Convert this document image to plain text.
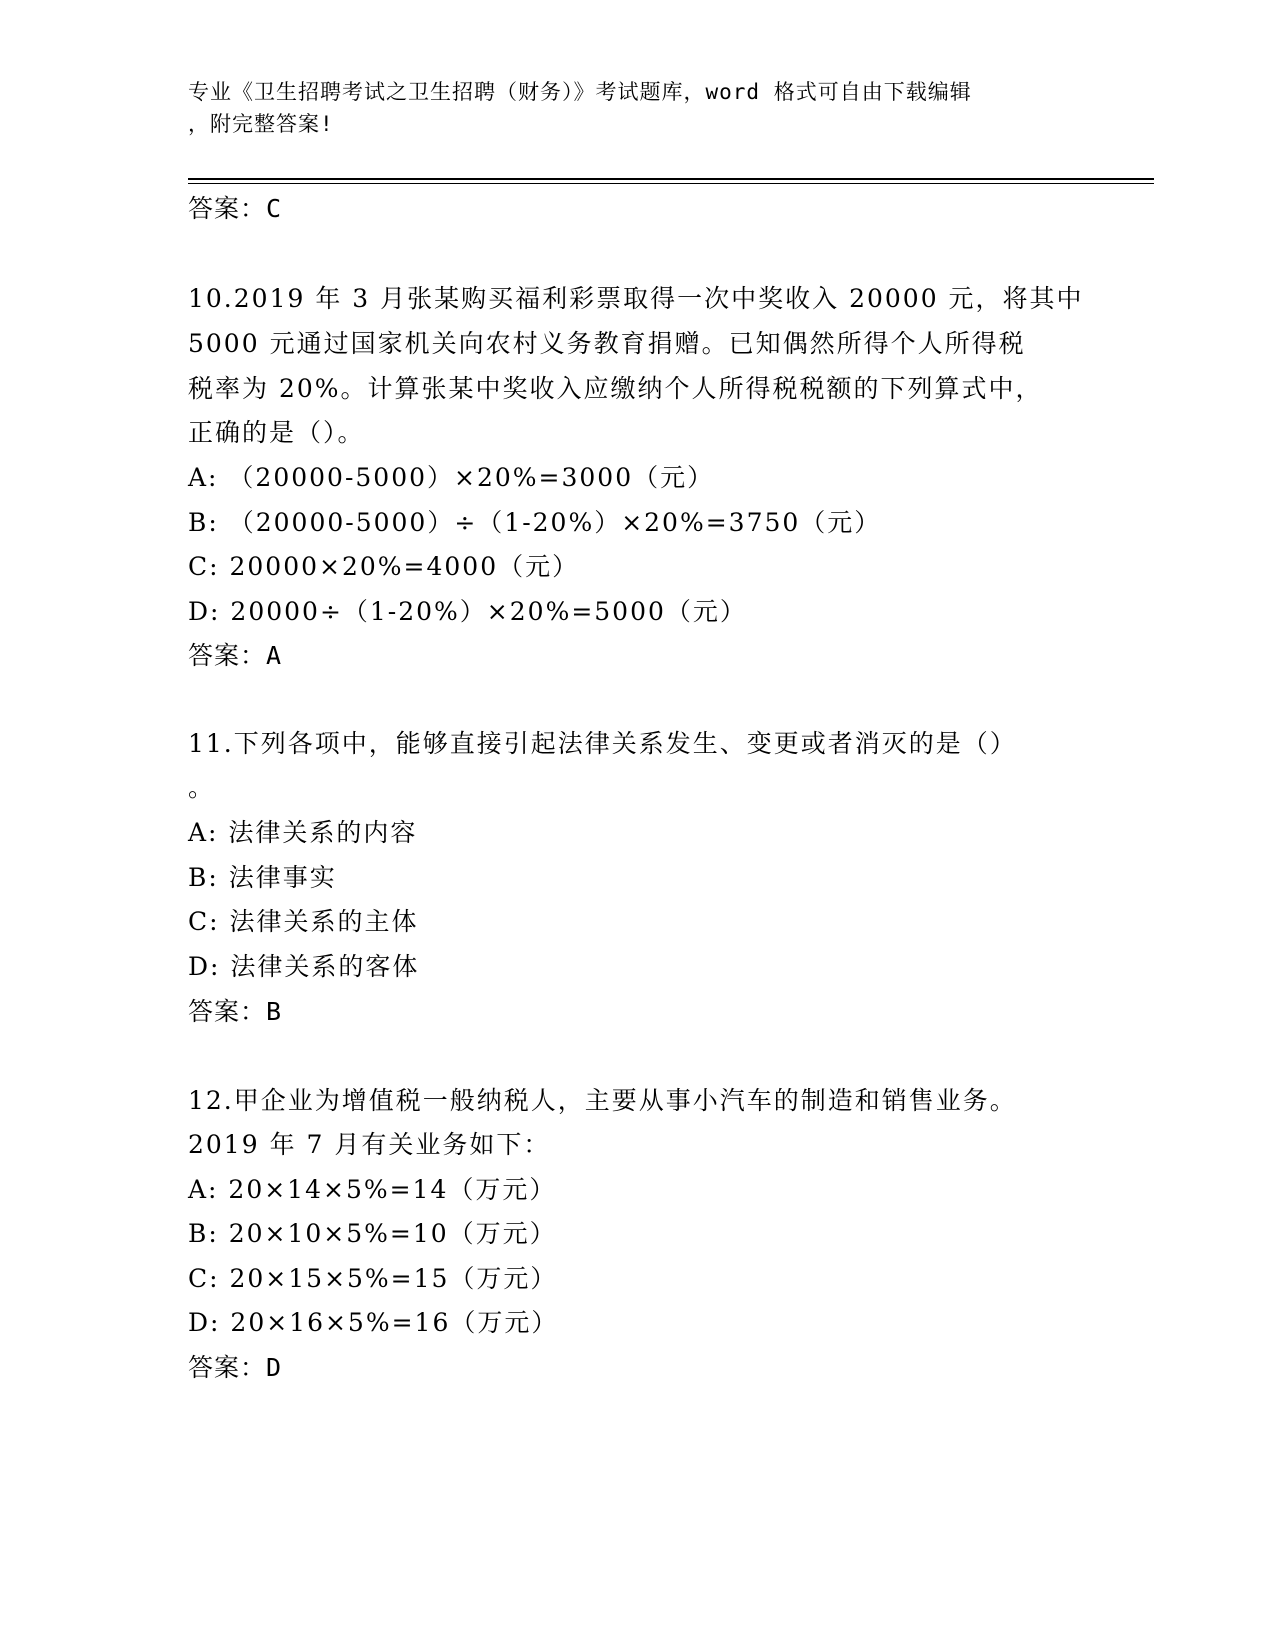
专业《卫生招聘考试之卫生招聘（财务）》考试题库，word 格式可自由下载编辑
，附完整答案!
答案：C
10.2019 年 3 月张某购买福利彩票取得一次中奖收入 20000 元，将其中
5000 元通过国家机关向农村义务教育捐赠。已知偶然所得个人所得税
税率为 20%。计算张某中奖收入应缴纳个人所得税税额的下列算式中，
正确的是（）。
A: （20000-5000）×20%=3000（元）
B: （20000-5000）÷（1-20%）×20%=3750（元）
C: 20000×20%=4000（元）
D: 20000÷（1-20%）×20%=5000（元）
答案：A
11.下列各项中，能够直接引起法律关系发生、变更或者消灭的是（）
。
A: 法律关系的内容
B: 法律事实
C: 法律关系的主体
D: 法律关系的客体
答案：B
12.甲企业为增值税一般纳税人，主要从事小汽车的制造和销售业务。
2019 年 7 月有关业务如下：
A: 20×14×5%=14（万元）
B: 20×10×5%=10（万元）
C: 20×15×5%=15（万元）
D: 20×16×5%=16（万元）
答案：D
